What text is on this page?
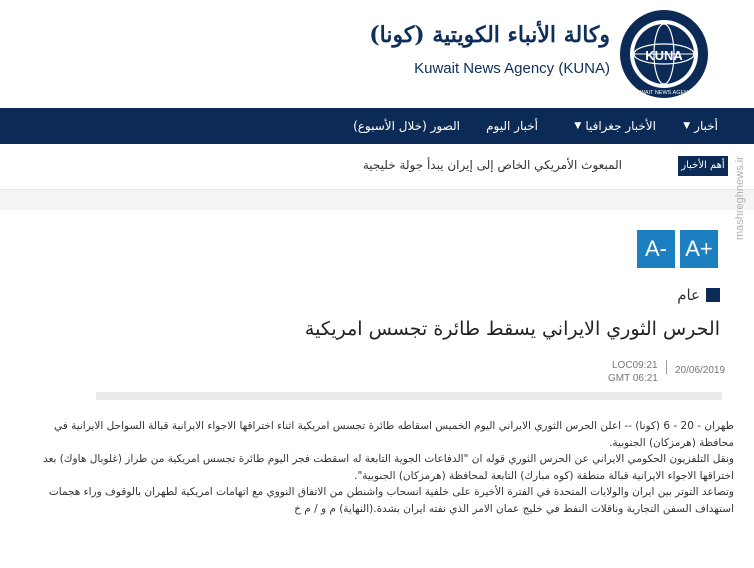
وكالة الأنباء الكويتية (كونا)
Kuwait News Agency (KUNA)
KUNA
KUWAIT NEWS AGENCY
أخبار
▼
الأخبار جغرافيا
▼
أخبار اليوم
الصور (خلال الأسبوع)
أهم الأخبار
المبعوث الأمريكي الخاص إلى إيران يبدأ جولة خليجية
A+
A-
عام
الحرس الثوري الايراني يسقط طائرة تجسس امريكية
20/06/2019
LOC09:21
GMT 06:21

طهران - 20 - 6 (كونا) -- اعلن الحرس الثوري الايراني اليوم الخميس اسقاطه طائرة تجسس امريكية اثناء اختراقها الاجواء الايرانية قبالة السواحل الايرانية في محافظة (هرمزكان) الجنوبية.

ونقل التلفزيون الحكومي الايراني عن الحرس الثوري قوله ان "الدفاعات الجوية التابعة له اسقطت فجر اليوم طائرة تجسس امريكية من طراز (غلوبال هاوك) بعد اختراقها الاجواء الايرانية قبالة منطقة (كوه مبارك) التابعة لمحافظة (هرمزكان) الجنوبية".

وتصاعد التوتر بين ايران والولايات المتحدة في الفترة الأخيرة على خلفية انسحاب واشنطن من الاتفاق النووي مع اتهامات امريكية لطهران بالوقوف وراء هجمات استهداف السفن التجارية وناقلات النفط في خليج عمان الامر الذي نفته ايران بشدة.(النهاية) م و / م خ

mashreghnews.ir
